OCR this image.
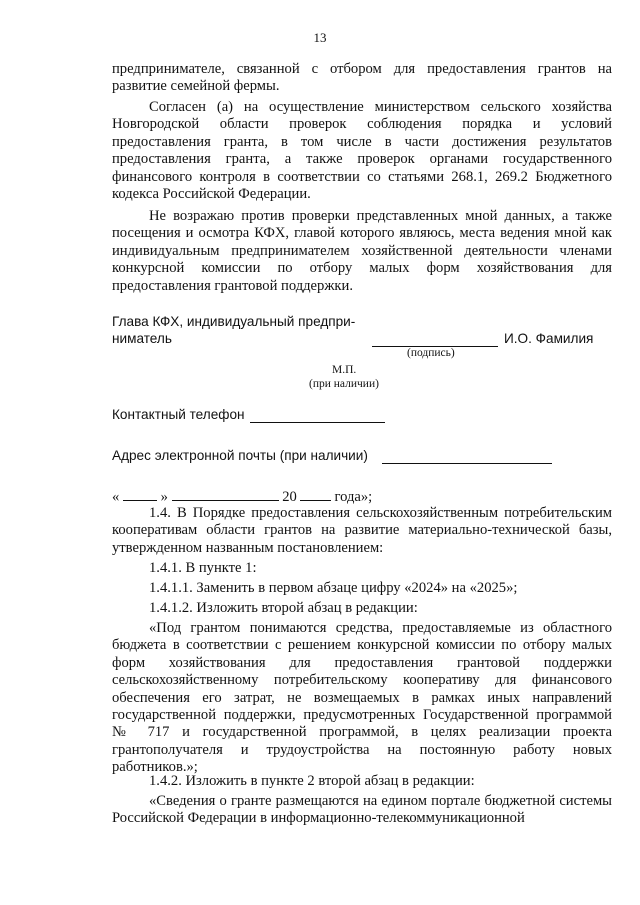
13
предпринимателе, связанной с отбором для предоставления грантов на развитие семейной фермы.
Согласен (а) на осуществление министерством сельского хозяйства Новгородской области проверок соблюдения порядка и условий предоставления гранта, в том числе в части достижения результатов предоставления гранта, а также проверок органами государственного финансового контроля в соответствии со статьями 268.1, 269.2 Бюджетного кодекса Российской Федерации.
Не возражаю против проверки представленных мной данных, а также посещения и осмотра КФХ, главой которого являюсь, места ведения мной как индивидуальным предпринимателем хозяйственной деятельности членами конкурсной комиссии по отбору малых форм хозяйствования для предоставления грантовой поддержки.
Глава КФХ, индивидуальный предпри-
ниматель	И.О. Фамилия
(подпись)
М.П.
(при наличии)
Контактный телефон
Адрес электронной почты (при наличии)
«	»	20	года»;
1.4. В Порядке предоставления сельскохозяйственным потребительским кооперативам области грантов на развитие материально-технической базы, утвержденном названным постановлением:
1.4.1. В пункте 1:
1.4.1.1. Заменить в первом абзаце цифру «2024» на «2025»;
1.4.1.2. Изложить второй абзац в редакции:
«Под грантом понимаются средства, предоставляемые из областного бюджета в соответствии с решением конкурсной комиссии по отбору малых форм хозяйствования для предоставления грантовой поддержки сельскохозяйственному потребительскому кооперативу для финансового обеспечения его затрат, не возмещаемых в рамках иных направлений государственной поддержки, предусмотренных Государственной программой № 717 и государственной программой, в целях реализации проекта грантополучателя и трудоустройства на постоянную работу новых работников.»;
1.4.2. Изложить в пункте 2 второй абзац в редакции:
«Сведения о гранте размещаются на едином портале бюджетной системы Российской Федерации в информационно-телекоммуникационной
